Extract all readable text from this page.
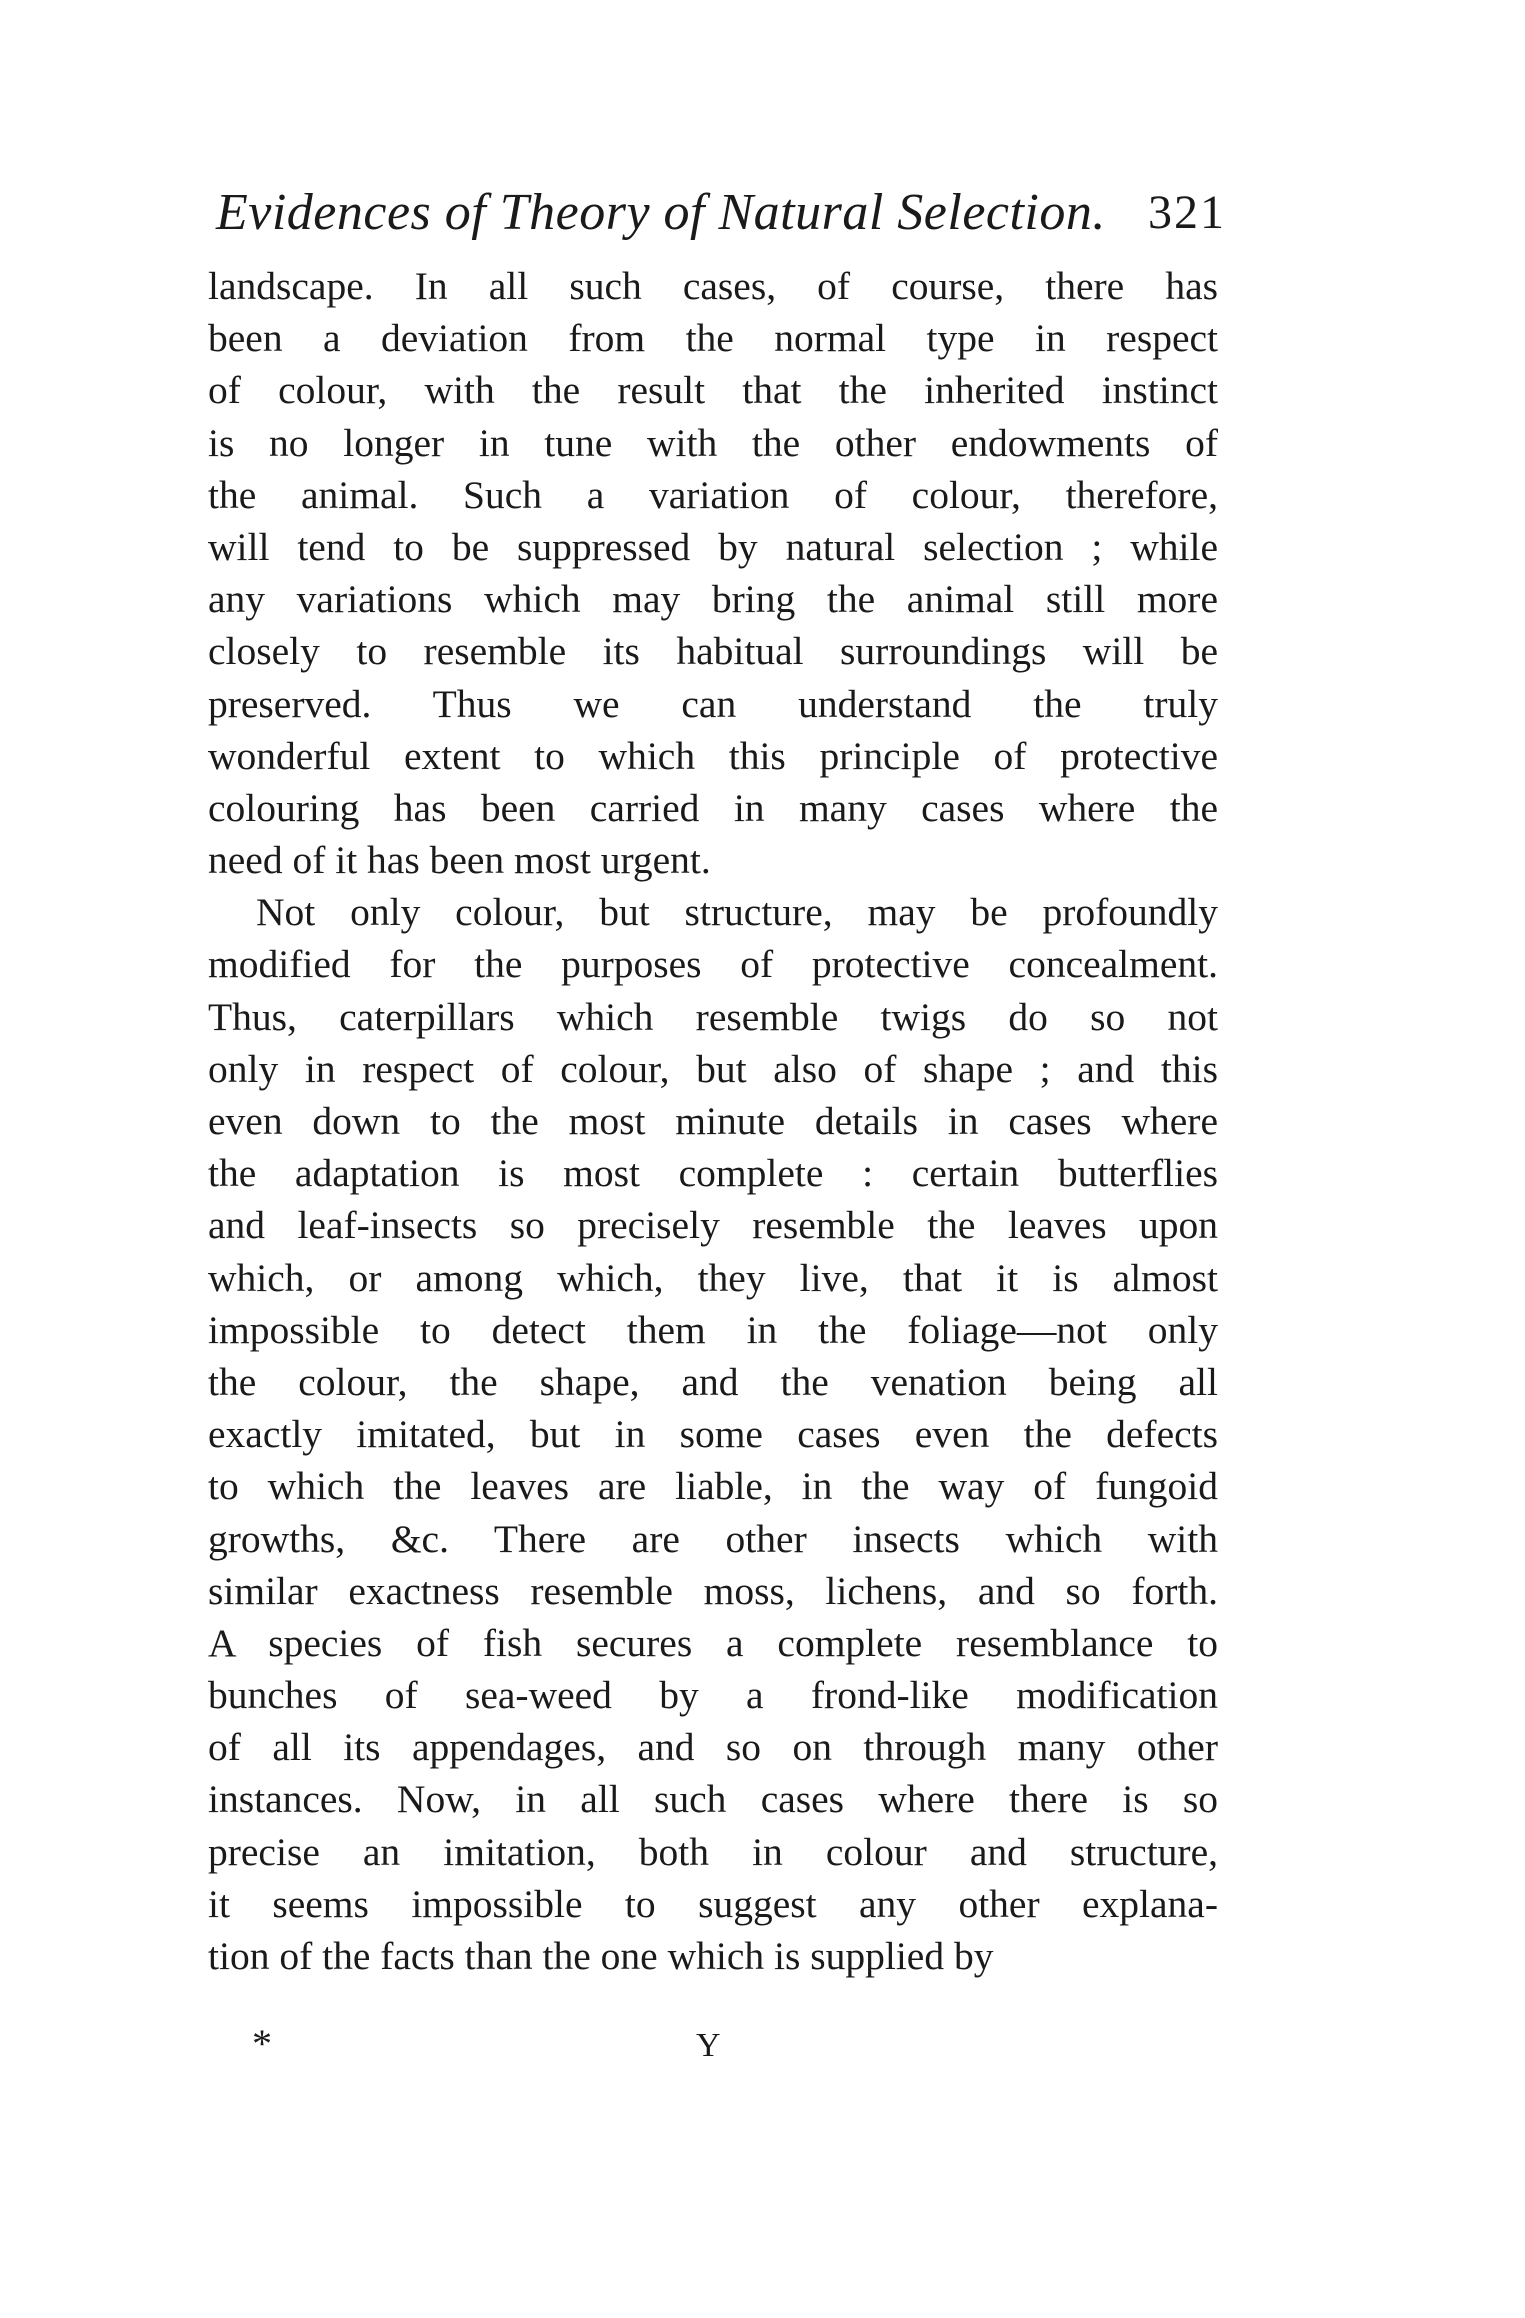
Evidences of Theory of Natural Selection. 321
landscape. In all such cases, of course, there has
been a deviation from the normal type in respect
of colour, with the result that the inherited instinct
is no longer in tune with the other endowments of
the animal. Such a variation of colour, therefore,
will tend to be suppressed by natural selection ; while
any variations which may bring the animal still more
closely to resemble its habitual surroundings will be
preserved. Thus we can understand the truly
wonderful extent to which this principle of protective
colouring has been carried in many cases where the
need of it has been most urgent.
Not only colour, but structure, may be profoundly
modified for the purposes of protective concealment.
Thus, caterpillars which resemble twigs do so not
only in respect of colour, but also of shape ; and this
even down to the most minute details in cases where
the adaptation is most complete : certain butterflies
and leaf-insects so precisely resemble the leaves upon
which, or among which, they live, that it is almost
impossible to detect them in the foliage—not only
the colour, the shape, and the venation being all
exactly imitated, but in some cases even the defects
to which the leaves are liable, in the way of fungoid
growths, &c. There are other insects which with
similar exactness resemble moss, lichens, and so forth.
A species of fish secures a complete resemblance to
bunches of sea-weed by a frond-like modification
of all its appendages, and so on through many other
instances. Now, in all such cases where there is so
precise an imitation, both in colour and structure,
it seems impossible to suggest any other explana-
tion of the facts than the one which is supplied by
*	Y
